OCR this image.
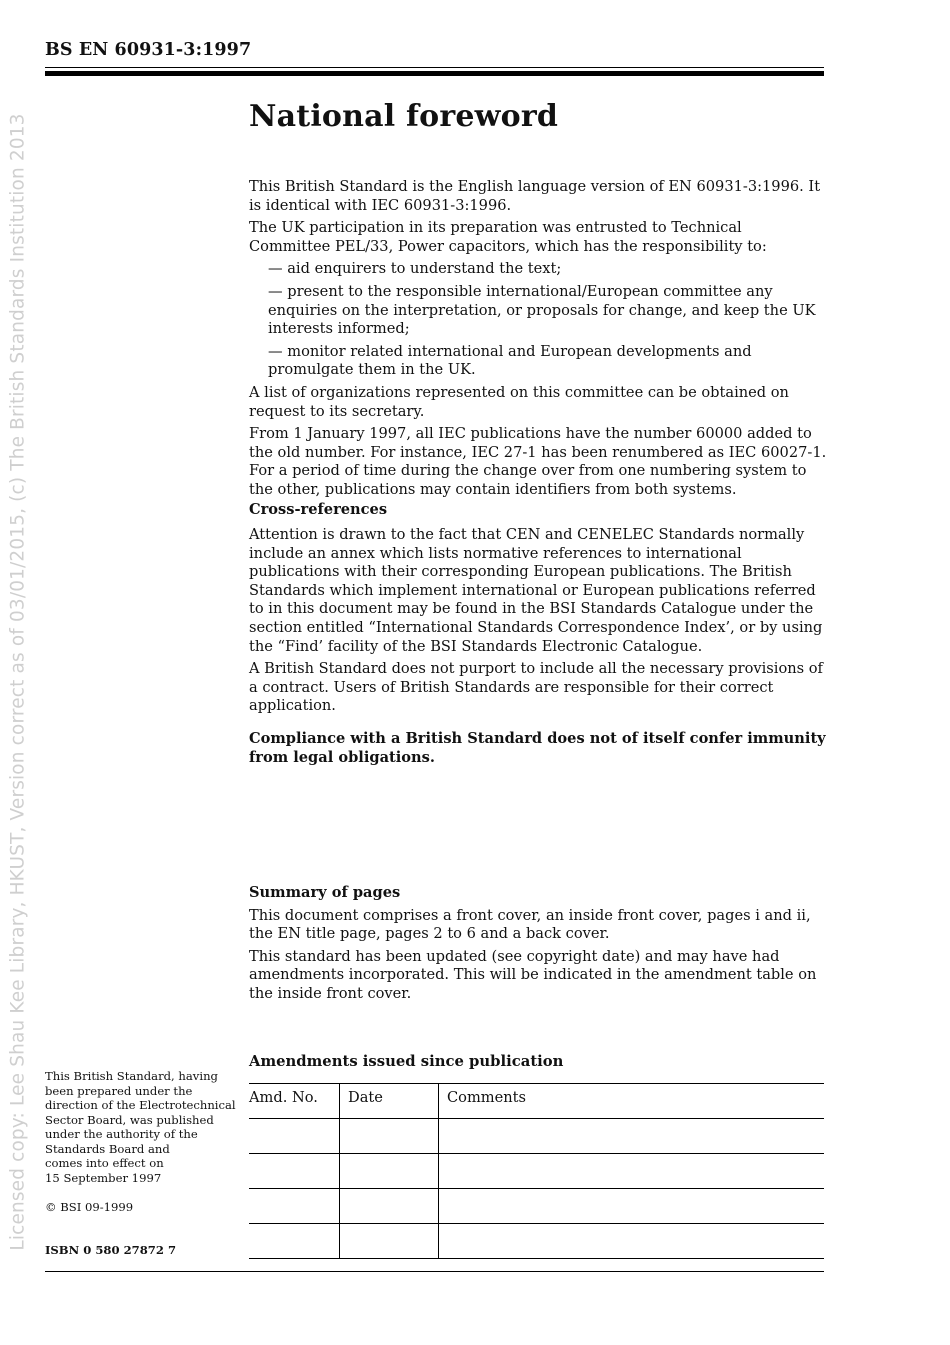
BS EN 60931-3:1997
Licensed copy: Lee Shau Kee Library, HKUST, Version correct as of 03/01/2015, (c) The British Standards Institution 2013	National foreword

This British Standard is the English language version of EN 60931-3:1996. It is identical with IEC 60931-3:1996.

The UK participation in its preparation was entrusted to Technical Committee PEL/33, Power capacitors, which has the responsibility to:

— aid enquirers to understand the text;

— present to the responsible international/European committee any enquiries on the interpretation, or proposals for change, and keep the UK interests informed;

— monitor related international and European developments and promulgate them in the UK.

A list of organizations represented on this committee can be obtained on request to its secretary.

From 1 January 1997, all IEC publications have the number 60000 added to the old number. For instance, IEC 27-1 has been renumbered as IEC 60027-1. For a period of time during the change over from one numbering system to the other, publications may contain identifiers from both systems.

Cross-references

Attention is drawn to the fact that CEN and CENELEC Standards normally include an annex which lists normative references to international publications with their corresponding European publications. The British Standards which implement international or European publications referred to in this document may be found in the BSI Standards Catalogue under the section entitled “International Standards Correspondence Index’, or by using the “Find’ facility of the BSI Standards Electronic Catalogue.

A British Standard does not purport to include all the necessary provisions of a contract. Users of British Standards are responsible for their correct application.

Compliance with a British Standard does not of itself confer immunity from legal obligations.

Summary of pages

This document comprises a front cover, an inside front cover, pages i and ii, the EN title page, pages 2 to 6 and a back cover.

This standard has been updated (see copyright date) and may have had amendments incorporated. This will be indicated in the amendment table on the inside front cover.

Amendments issued since publication
Amd. No.	Date	Comments

This British Standard, having
been prepared under the
direction of the Electrotechnical
Sector Board, was published
under the authority of the
Standards Board and
comes into effect on
15 September 1997
© BSI 09-1999
ISBN 0 580 27872 7
